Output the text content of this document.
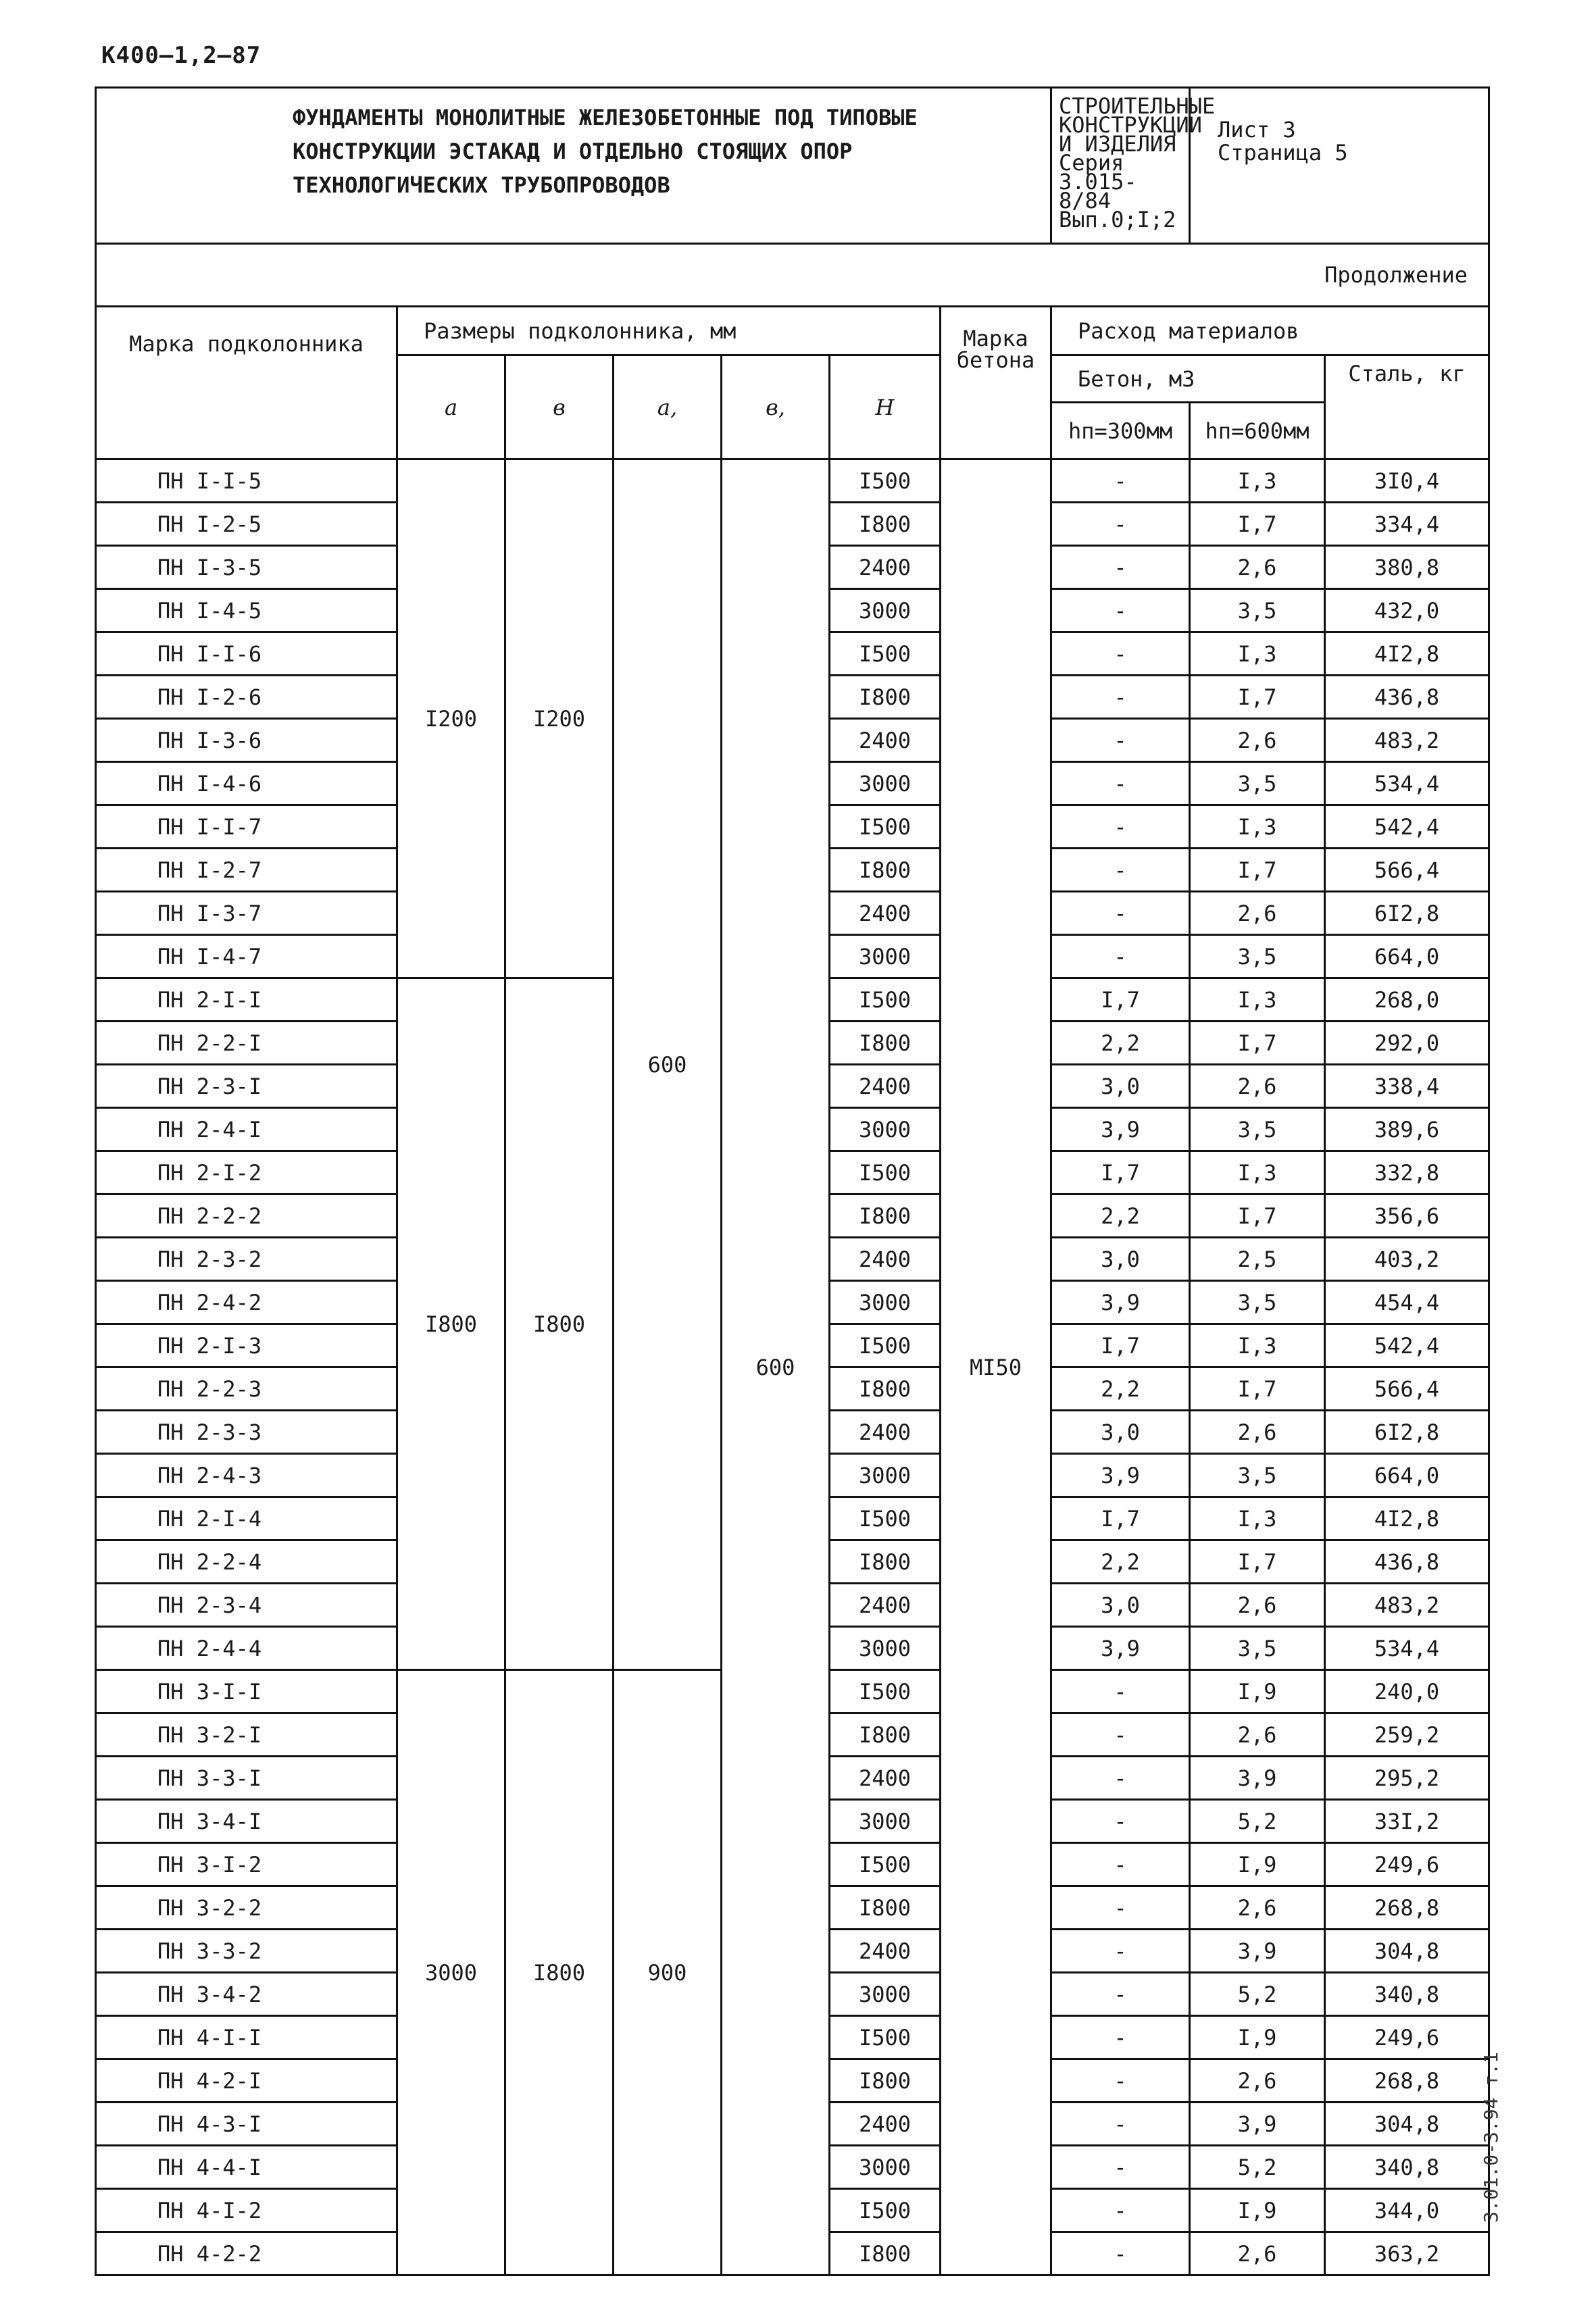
К400—1,2—87
ФУНДАМЕНТЫ МОНОЛИТНЫЕ ЖЕЛЕЗОБЕТОННЫЕ ПОД ТИПОВЫЕ КОНСТРУКЦИИ ЭСТАКАД И ОТДЕЛЬНО СТОЯЩИХ ОПОР ТЕХНОЛОГИЧЕСКИХ ТРУБОПРОВОДОВ							СТРОИТЕЛЬНЫЕ КОНСТРУКЦИИ И ИЗДЕЛИЯ Серия 3.015-8/84 Вып.0;I;2	Лист 3
Страница 5	

Продолжение									
Марка подколонника	Размеры подколонника, мм					Марка бетона	Расход материалов		
	a	в	a,	в,	H		Бетон, м3		Сталь, кг
							hп=300мм	hп=600мм	
ПН I-I-5	I200	I200	600	600	I500	MI50	-	I,3	3I0,4
ПН I-2-5					I800		-	I,7	334,4
ПН I-3-5					2400		-	2,6	380,8
ПН I-4-5					3000		-	3,5	432,0
ПН I-I-6					I500		-	I,3	4I2,8
ПН I-2-6					I800		-	I,7	436,8
ПН I-3-6					2400		-	2,6	483,2
ПН I-4-6					3000		-	3,5	534,4
ПН I-I-7					I500		-	I,3	542,4
ПН I-2-7					I800		-	I,7	566,4
ПН I-3-7					2400		-	2,6	6I2,8
ПН I-4-7					3000		-	3,5	664,0
ПН 2-I-I	I800	I800			I500		I,7	I,3	268,0
ПН 2-2-I					I800		2,2	I,7	292,0
ПН 2-3-I					2400		3,0	2,6	338,4
ПН 2-4-I					3000		3,9	3,5	389,6
ПН 2-I-2					I500		I,7	I,3	332,8
ПН 2-2-2					I800		2,2	I,7	356,6
ПН 2-3-2					2400		3,0	2,5	403,2
ПН 2-4-2					3000		3,9	3,5	454,4
ПН 2-I-3					I500		I,7	I,3	542,4
ПН 2-2-3					I800		2,2	I,7	566,4
ПН 2-3-3					2400		3,0	2,6	6I2,8
ПН 2-4-3					3000		3,9	3,5	664,0
ПН 2-I-4					I500		I,7	I,3	4I2,8
ПН 2-2-4					I800		2,2	I,7	436,8
ПН 2-3-4					2400		3,0	2,6	483,2
ПН 2-4-4					3000		3,9	3,5	534,4
ПН 3-I-I	3000	I800	900		I500		-	I,9	240,0
ПН 3-2-I					I800		-	2,6	259,2
ПН 3-3-I					2400		-	3,9	295,2
ПН 3-4-I					3000		-	5,2	33I,2
ПН 3-I-2					I500		-	I,9	249,6
ПН 3-2-2					I800		-	2,6	268,8
ПН 3-3-2					2400		-	3,9	304,8
ПН 3-4-2					3000		-	5,2	340,8
ПН 4-I-I					I500		-	I,9	249,6
ПН 4-2-I					I800		-	2,6	268,8
ПН 4-3-I					2400		-	3,9	304,8
ПН 4-4-I					3000		-	5,2	340,8
ПН 4-I-2					I500		-	I,9	344,0
ПН 4-2-2					I800		-	2,6	363,2
3.01.0-3.94 т.1
